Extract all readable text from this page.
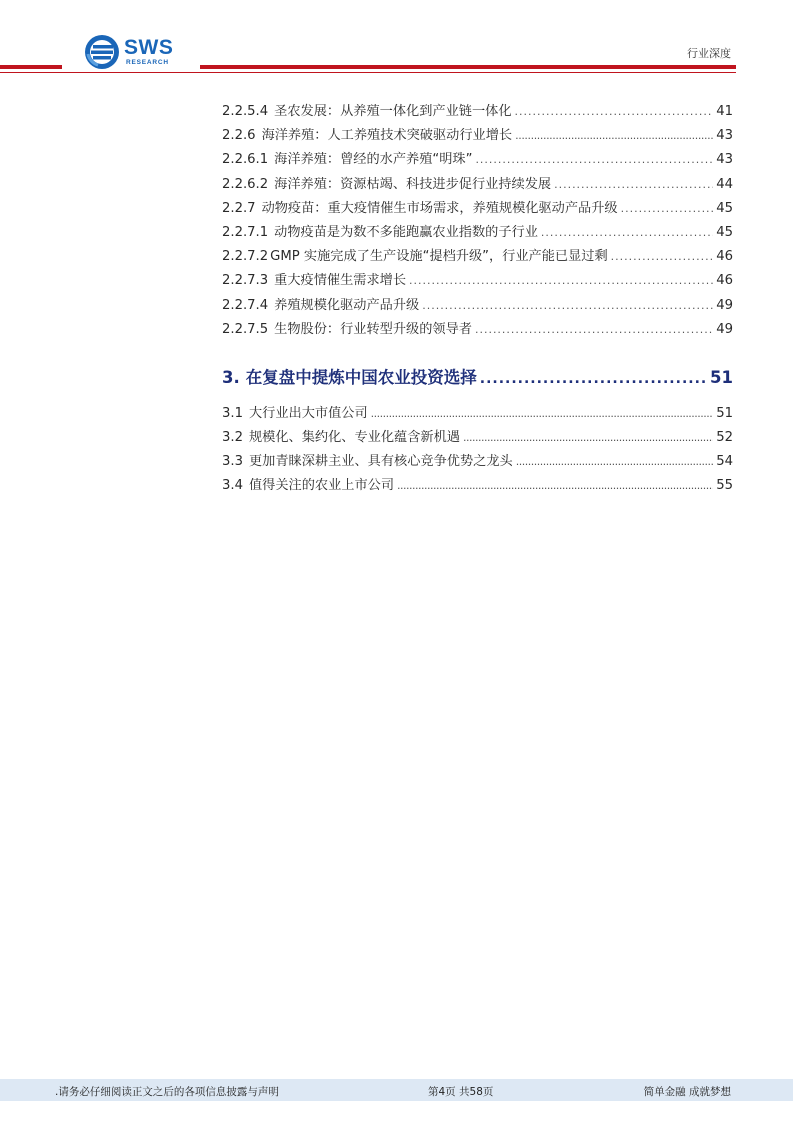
SWS
RESEARCH
行业深度
2.2.5.4 圣农发展：从养殖一体化到产业链一体化 .....	41
2.2.6 海洋养殖：人工养殖技术突破驱动行业增长 .....	43
2.2.6.1 海洋养殖：曾经的水产养殖“明珠” .....	43
2.2.6.2 海洋养殖：资源枯竭、科技进步促行业持续发展 .....	44
2.2.7 动物疫苗：重大疫情催生市场需求，养殖规模化驱动产品升级 .....	45
2.2.7.1 动物疫苗是为数不多能跑赢农业指数的子行业 .....	45
2.2.7.2 GMP 实施完成了生产设施“提档升级”，行业产能已显过剩 .....	46
2.2.7.3 重大疫情催生需求增长 .....	46
2.2.7.4 养殖规模化驱动产品升级 .....	49
2.2.7.5 生物股份：行业转型升级的领导者 .....	49
3. 在复盘中提炼中国农业投资选择 .....	51
3.1 大行业出大市值公司 .....	51
3.2 规模化、集约化、专业化蕴含新机遇 .....	52
3.3 更加青睐深耕主业、具有核心竞争优势之龙头 .....	54
3.4 值得关注的农业上市公司 .....	55
.请务必仔细阅读正文之后的各项信息披露与声明	第4页 共58页	简单金融 成就梦想
